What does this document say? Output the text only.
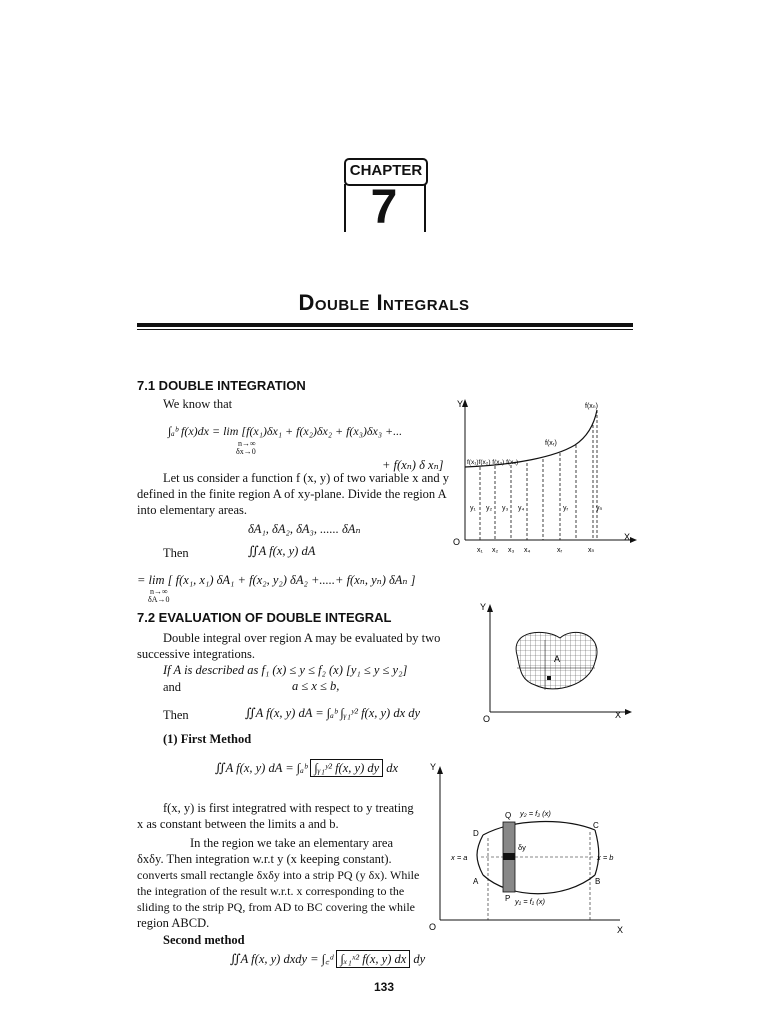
CHAPTER
7
Double Integrals
7.1 DOUBLE INTEGRATION
We know that
∫ₐᵇ f(x)dx = lim [f(x₁)δx₁ + f(x₂)δx₂ + f(x₃)δx₃ +...
n→∞
δx→0
+ f(xₙ) δ xₙ]
Let us consider a function f (x, y) of two variable x and y
defined in the finite region A of xy-plane. Divide the region A
into elementary areas.
δA₁, δA₂, δA₃, ...... δAₙ
Then	∬A f(x, y) dA
= lim [ f(x₁, x₁) δA₁ + f(x₂, y₂) δA₂ +.....+ f(xₙ, yₙ) δAₙ ]
n→∞
δA→0
Y
O	X
f(xₙ)
f(xᵣ)
f(x₁)f(x₂) f(x₃) f(x₄)
y₁ y₂ y₃ y₄	yᵣ	yₙ
x₁ x₂ x₃ x₄	xᵣ	xₙ
7.2 EVALUATION OF DOUBLE INTEGRAL
Double integral over region A may be evaluated by two
successive integrations.
If A is described as f₁ (x) ≤ y ≤ f₂ (x) [y₁ ≤ y ≤ y₂]
and	a ≤ x ≤ b,
Then	∬A f(x, y) dA = ∫ₐᵇ ∫ᵧ₁ʸ² f(x, y) dx dy
(1) First Method
∬A f(x, y) dA = ∫ₐᵇ ∫ᵧ₁ʸ² f(x, y) dy dx
f(x, y) is first integratred with respect to y treating
x as constant between the limits a and b.
In the region we take an elementary area
δxδy. Then integration w.r.t y (x keeping constant).
converts small rectangle δxδy into a strip PQ (y δx). While
the integration of the result w.r.t. x corresponding to the
sliding to the strip PQ, from AD to BC covering the while
region ABCD.
Second method
∬A f(x, y) dxdy = ∫꜀ᵈ ∫ₓ₁ˣ² f(x, y) dx dy
A
Y
O	X
Q
P
D
A
C
B
y₂ = f₂ (x)
y₁ = f₁ (x)
δy
x = a	x = b
Y
O	X
133
